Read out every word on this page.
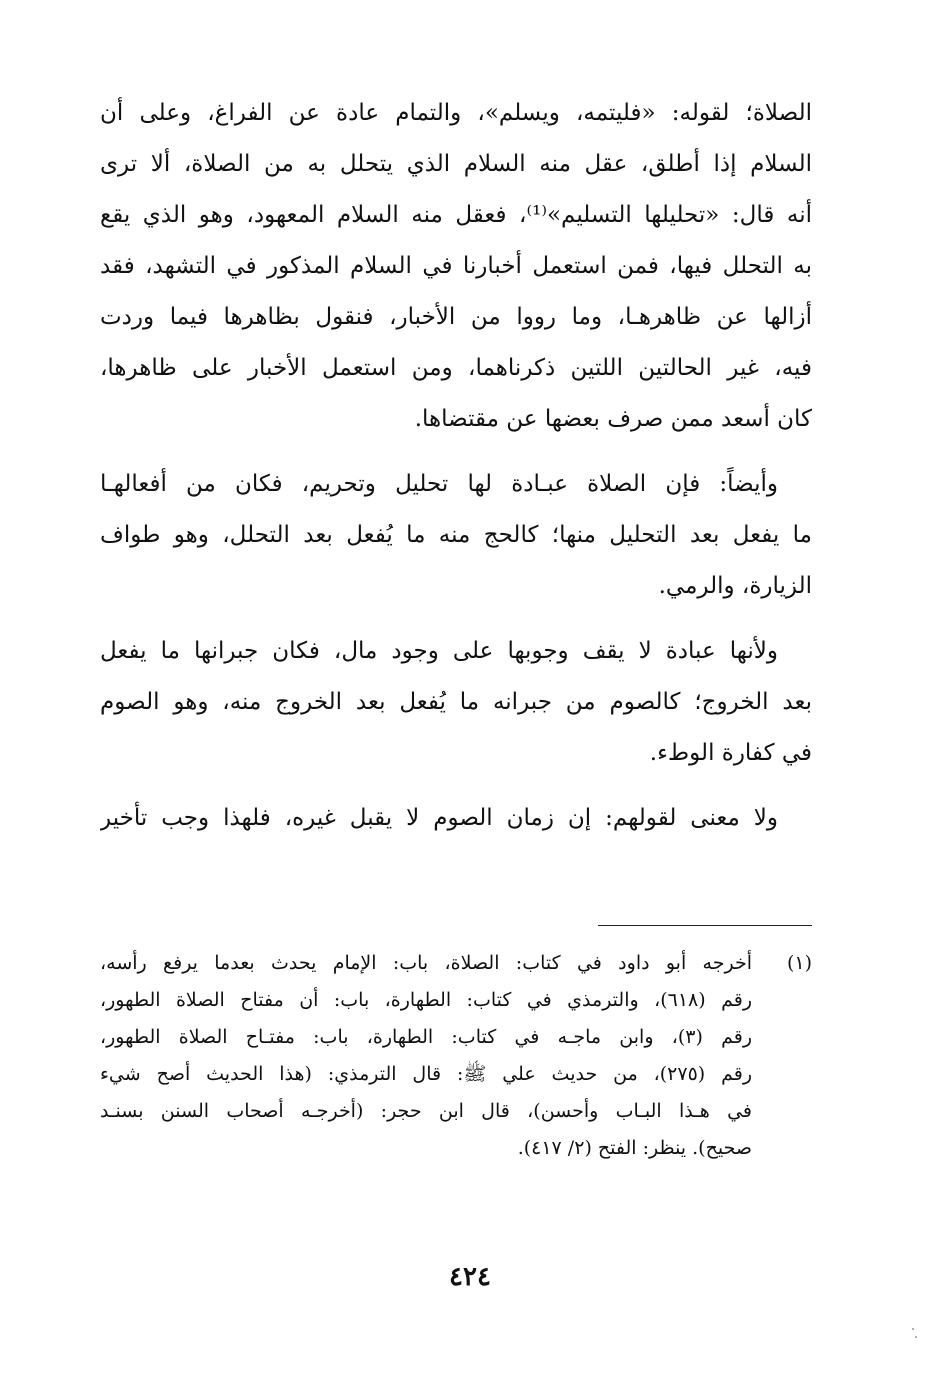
الصلاة؛ لقوله: «فليتمه، ويسلم»، والتمام عادة عن الفراغ، وعلى أن
السلام إذا أطلق، عقل منه السلام الذي يتحلل به من الصلاة، ألا ترى
أنه قال: «تحليلها التسليم»⁽¹⁾، فعقل منه السلام المعهود، وهو الذي يقع
به التحلل فيها، فمن استعمل أخبارنا في السلام المذكور في التشهد، فقد
أزالها عن ظاهرهـا، وما رووا من الأخبار، فنقول بظاهرها فيما وردت
فيه، غير الحالتين اللتين ذكرناهما، ومن استعمل الأخبار على ظاهرها،
كان أسعد ممن صرف بعضها عن مقتضاها.

وأيضاً: فإن الصلاة عبـادة لها تحليل وتحريم، فكان من أفعالهـا
ما يفعل بعد التحليل منها؛ كالحج منه ما يُفعل بعد التحلل، وهو طواف
الزيارة، والرمي.

ولأنها عبادة لا يقف وجوبها على وجود مال، فكان جبرانها ما يفعل
بعد الخروج؛ كالصوم من جبرانه ما يُفعل بعد الخروج منه، وهو الصوم
في كفارة الوطء.

ولا معنى لقولهم: إن زمان الصوم لا يقبل غيره، فلهذا وجب تأخير

(١)
أخرجه أبو داود في كتاب: الصلاة، باب: الإمام يحدث بعدما يرفع رأسه،
رقم (٦١٨)، والترمذي في كتاب: الطهارة، باب: أن مفتاح الصلاة الطهور،
رقم (٣)، وابن ماجـه في كتاب: الطهارة، باب: مفتـاح الصلاة الطهور،
رقم (٢٧٥)، من حديث علي ﷺ: قال الترمذي: (هذا الحديث أصح شيء
في هـذا البـاب وأحسن)، قال ابن حجر: (أخرجـه أصحاب السنن بسنـد
صحيح). ينظر: الفتح (٢/ ٤١٧).
٤٢٤
